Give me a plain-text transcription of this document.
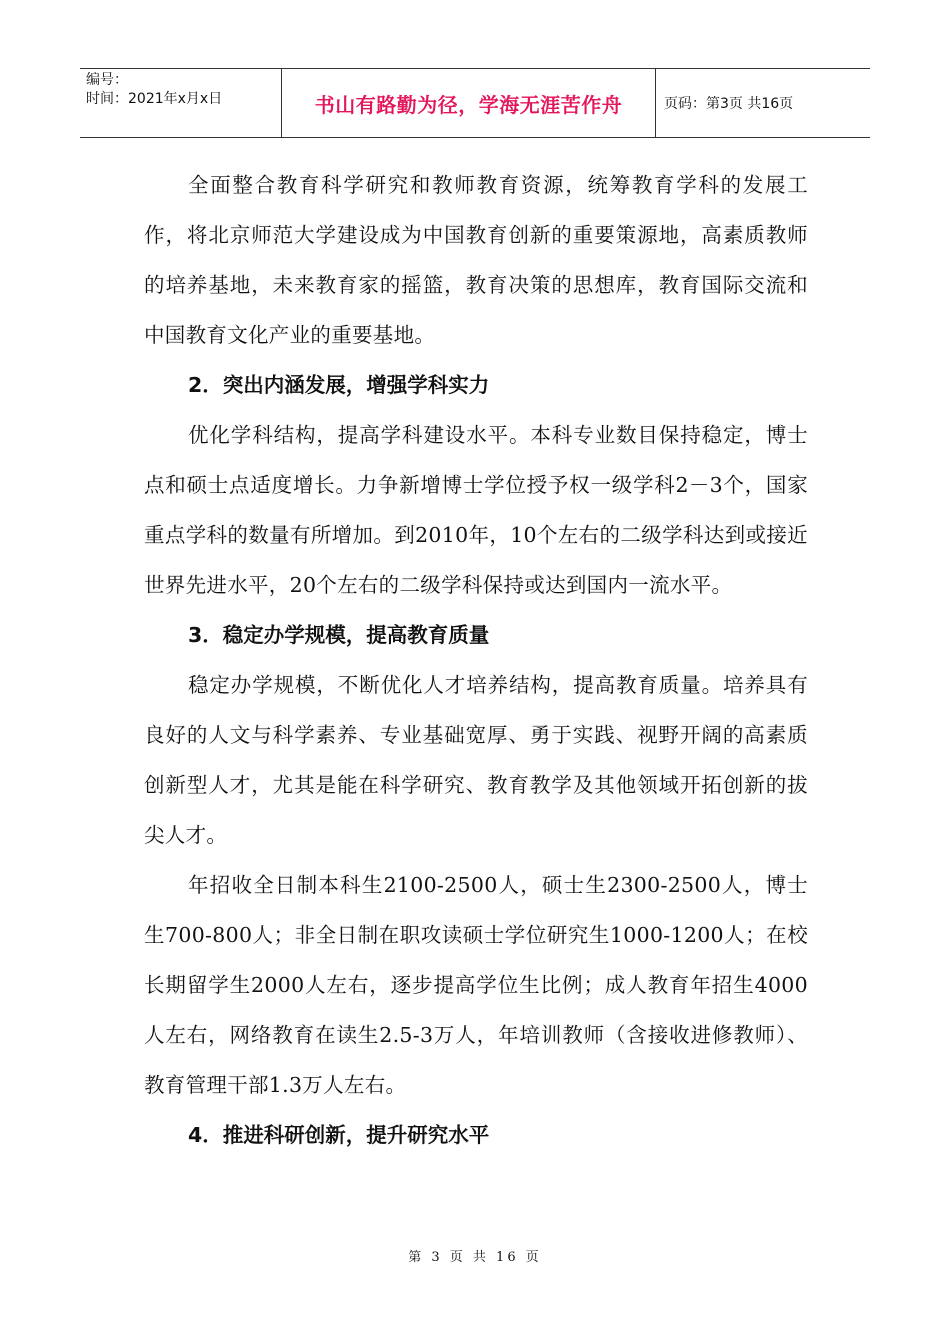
编号：
时间：2021年x月x日	书山有路勤为径，学海无涯苦作舟	页码：第3页 共16页

全面整合教育科学研究和教师教育资源，统筹教育学科的发展工作，将北京师范大学建设成为中国教育创新的重要策源地，高素质教师的培养基地，未来教育家的摇篮，教育决策的思想库，教育国际交流和中国教育文化产业的重要基地。

2．突出内涵发展，增强学科实力

优化学科结构，提高学科建设水平。本科专业数目保持稳定，博士点和硕士点适度增长。力争新增博士学位授予权一级学科2－3个，国家重点学科的数量有所增加。到2010年，10个左右的二级学科达到或接近世界先进水平，20个左右的二级学科保持或达到国内一流水平。

3．稳定办学规模，提高教育质量

稳定办学规模，不断优化人才培养结构，提高教育质量。培养具有良好的人文与科学素养、专业基础宽厚、勇于实践、视野开阔的高素质创新型人才，尤其是能在科学研究、教育教学及其他领域开拓创新的拔尖人才。

年招收全日制本科生2100-2500人，硕士生2300-2500人，博士生700-800人；非全日制在职攻读硕士学位研究生1000-1200人；在校长期留学生2000人左右，逐步提高学位生比例；成人教育年招生4000人左右，网络教育在读生2.5-3万人，年培训教师（含接收进修教师）、教育管理干部1.3万人左右。

4．推进科研创新，提升研究水平

第 3 页 共 16 页
